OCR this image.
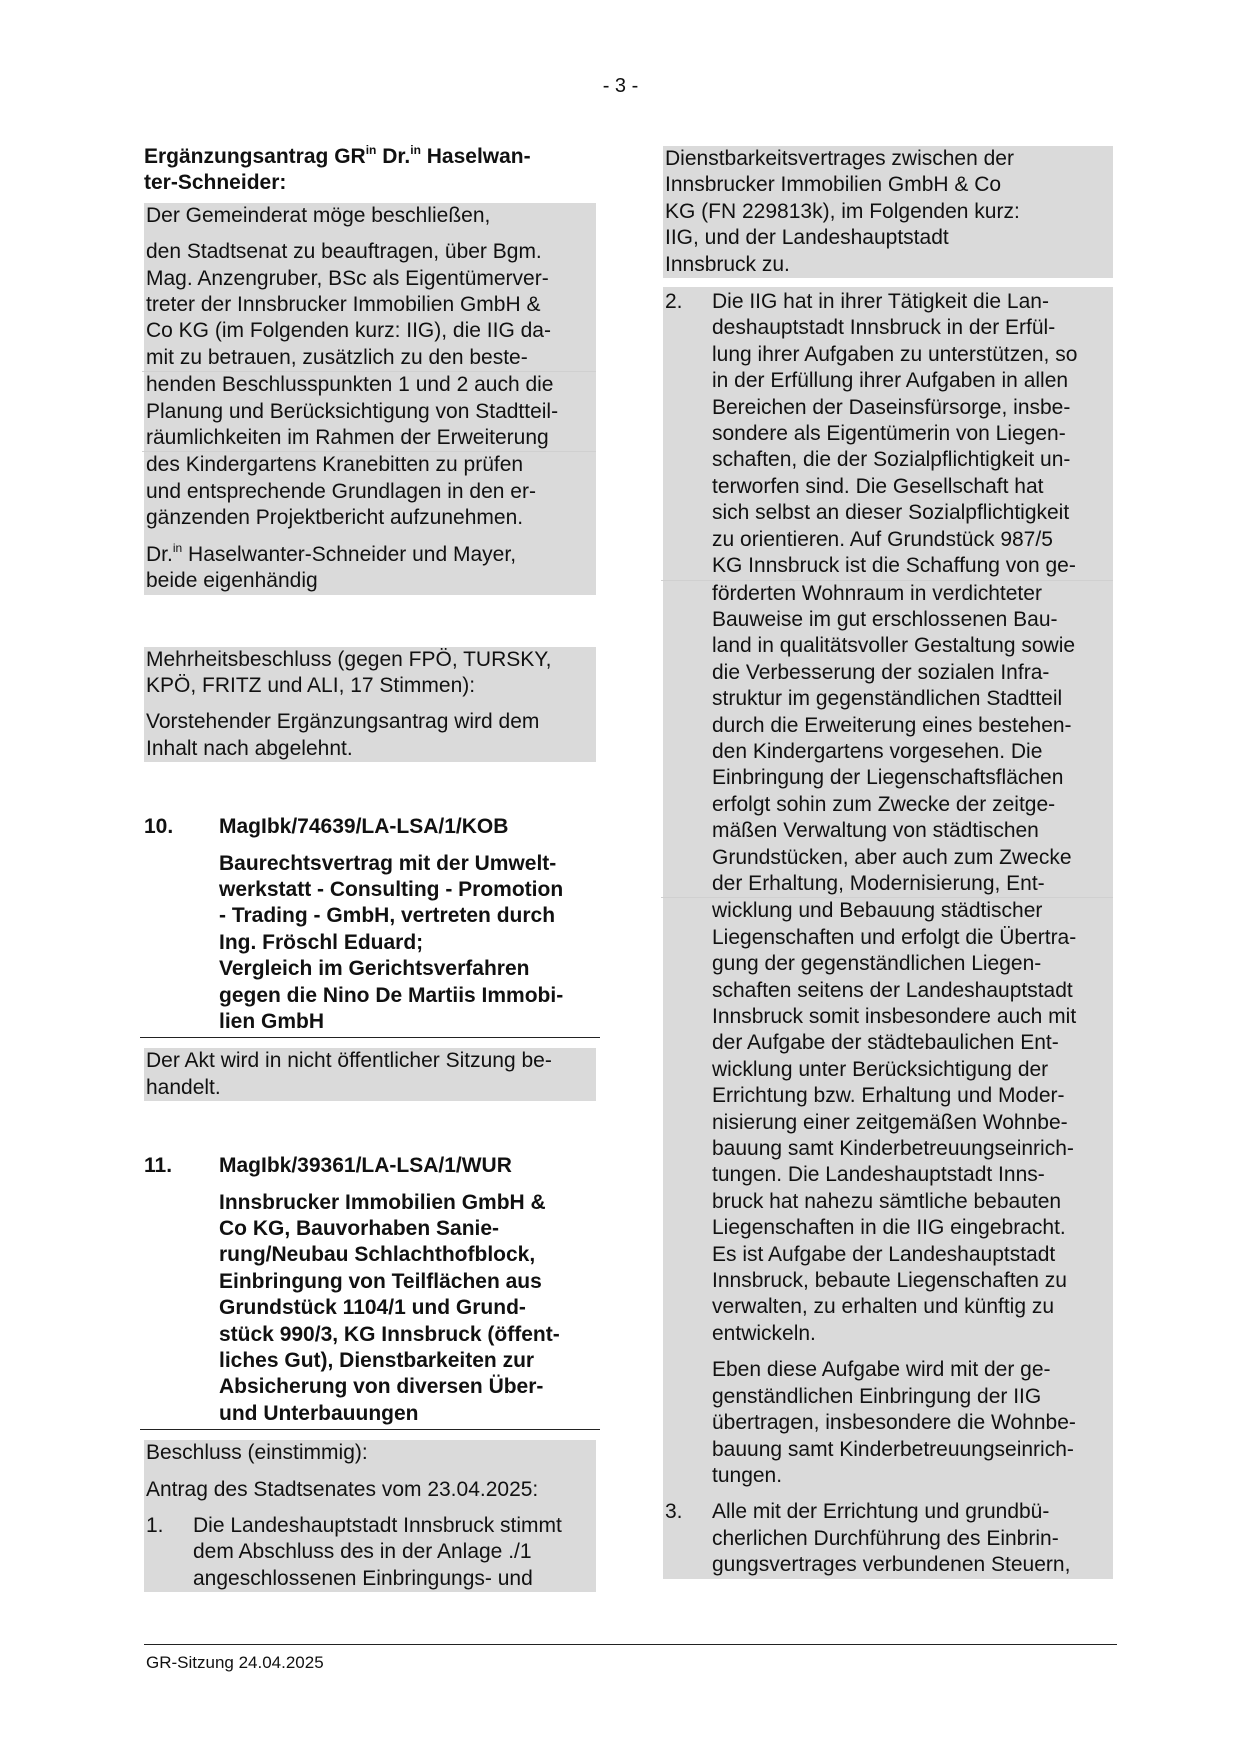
- 3 -
Ergänzungsantrag $GR^{in}$ Dr.$^{in}$ Haselwan-
ter-Schneider:
Der Gemeinderat möge beschließen,
den Stadtsenat zu beauftragen, über Bgm.
Mag. Anzengruber, BSc als Eigentümerver-
treter der Innsbrucker Immobilien GmbH &
Co KG (im Folgenden kurz: IIG), die IIG da-
mit zu betrauen, zusätzlich zu den beste-
henden Beschlusspunkten 1 und 2 auch die
Planung und Berücksichtigung von Stadtteil-
räumlichkeiten im Rahmen der Erweiterung
des Kindergartens Kranebitten zu prüfen
und entsprechende Grundlagen in den er-
gänzenden Projektbericht aufzunehmen.
Dr.$^{in}$ Haselwanter-Schneider und Mayer,
beide eigenhändig
Mehrheitsbeschluss (gegen FPÖ, TURSKY,
KPÖ, FRITZ und ALI, 17 Stimmen):
Vorstehender Ergänzungsantrag wird dem
Inhalt nach abgelehnt.
10.	MagIbk/74639/LA-LSA/1/KOB
Baurechtsvertrag mit der Umwelt-
werkstatt - Consulting - Promotion
- Trading - GmbH, vertreten durch
Ing. Fröschl Eduard;
Vergleich im Gerichtsverfahren
gegen die Nino De Martiis Immobi-
lien GmbH
Der Akt wird in nicht öffentlicher Sitzung be-
handelt.
11.	MagIbk/39361/LA-LSA/1/WUR
Innsbrucker Immobilien GmbH &
Co KG, Bauvorhaben Sanie-
rung/Neubau Schlachthofblock,
Einbringung von Teilflächen aus
Grundstück 1104/1 und Grund-
stück 990/3, KG Innsbruck (öffent-
liches Gut), Dienstbarkeiten zur
Absicherung von diversen Über-
und Unterbauungen
Beschluss (einstimmig):
Antrag des Stadtsenates vom 23.04.2025:
1.	Die Landeshauptstadt Innsbruck stimmt
dem Abschluss des in der Anlage ./1
angeschlossenen Einbringungs- und
Dienstbarkeitsvertrages zwischen der
Innsbrucker Immobilien GmbH & Co
KG (FN 229813k), im Folgenden kurz:
IIG, und der Landeshauptstadt
Innsbruck zu.
2.	Die IIG hat in ihrer Tätigkeit die Lan-
deshauptstadt Innsbruck in der Erfül-
lung ihrer Aufgaben zu unterstützen, so
in der Erfüllung ihrer Aufgaben in allen
Bereichen der Daseinsfürsorge, insbe-
sondere als Eigentümerin von Liegen-
schaften, die der Sozialpflichtigkeit un-
terworfen sind. Die Gesellschaft hat
sich selbst an dieser Sozialpflichtigkeit
zu orientieren. Auf Grundstück 987/5
KG Innsbruck ist die Schaffung von ge-
förderten Wohnraum in verdichteter
Bauweise im gut erschlossenen Bau-
land in qualitätsvoller Gestaltung sowie
die Verbesserung der sozialen Infra-
struktur im gegenständlichen Stadtteil
durch die Erweiterung eines bestehen-
den Kindergartens vorgesehen. Die
Einbringung der Liegenschaftsflächen
erfolgt sohin zum Zwecke der zeitge-
mäßen Verwaltung von städtischen
Grundstücken, aber auch zum Zwecke
der Erhaltung, Modernisierung, Ent-
wicklung und Bebauung städtischer
Liegenschaften und erfolgt die Übertra-
gung der gegenständlichen Liegen-
schaften seitens der Landeshauptstadt
Innsbruck somit insbesondere auch mit
der Aufgabe der städtebaulichen Ent-
wicklung unter Berücksichtigung der
Errichtung bzw. Erhaltung und Moder-
nisierung einer zeitgemäßen Wohnbe-
bauung samt Kinderbetreuungseinrich-
tungen. Die Landeshauptstadt Inns-
bruck hat nahezu sämtliche bebauten
Liegenschaften in die IIG eingebracht.
Es ist Aufgabe der Landeshauptstadt
Innsbruck, bebaute Liegenschaften zu
verwalten, zu erhalten und künftig zu
entwickeln.
Eben diese Aufgabe wird mit der ge-
genständlichen Einbringung der IIG
übertragen, insbesondere die Wohnbe-
bauung samt Kinderbetreuungseinrich-
tungen.
3.	Alle mit der Errichtung und grundbü-
cherlichen Durchführung des Einbrin-
gungsvertrages verbundenen Steuern,
GR-Sitzung 24.04.2025
